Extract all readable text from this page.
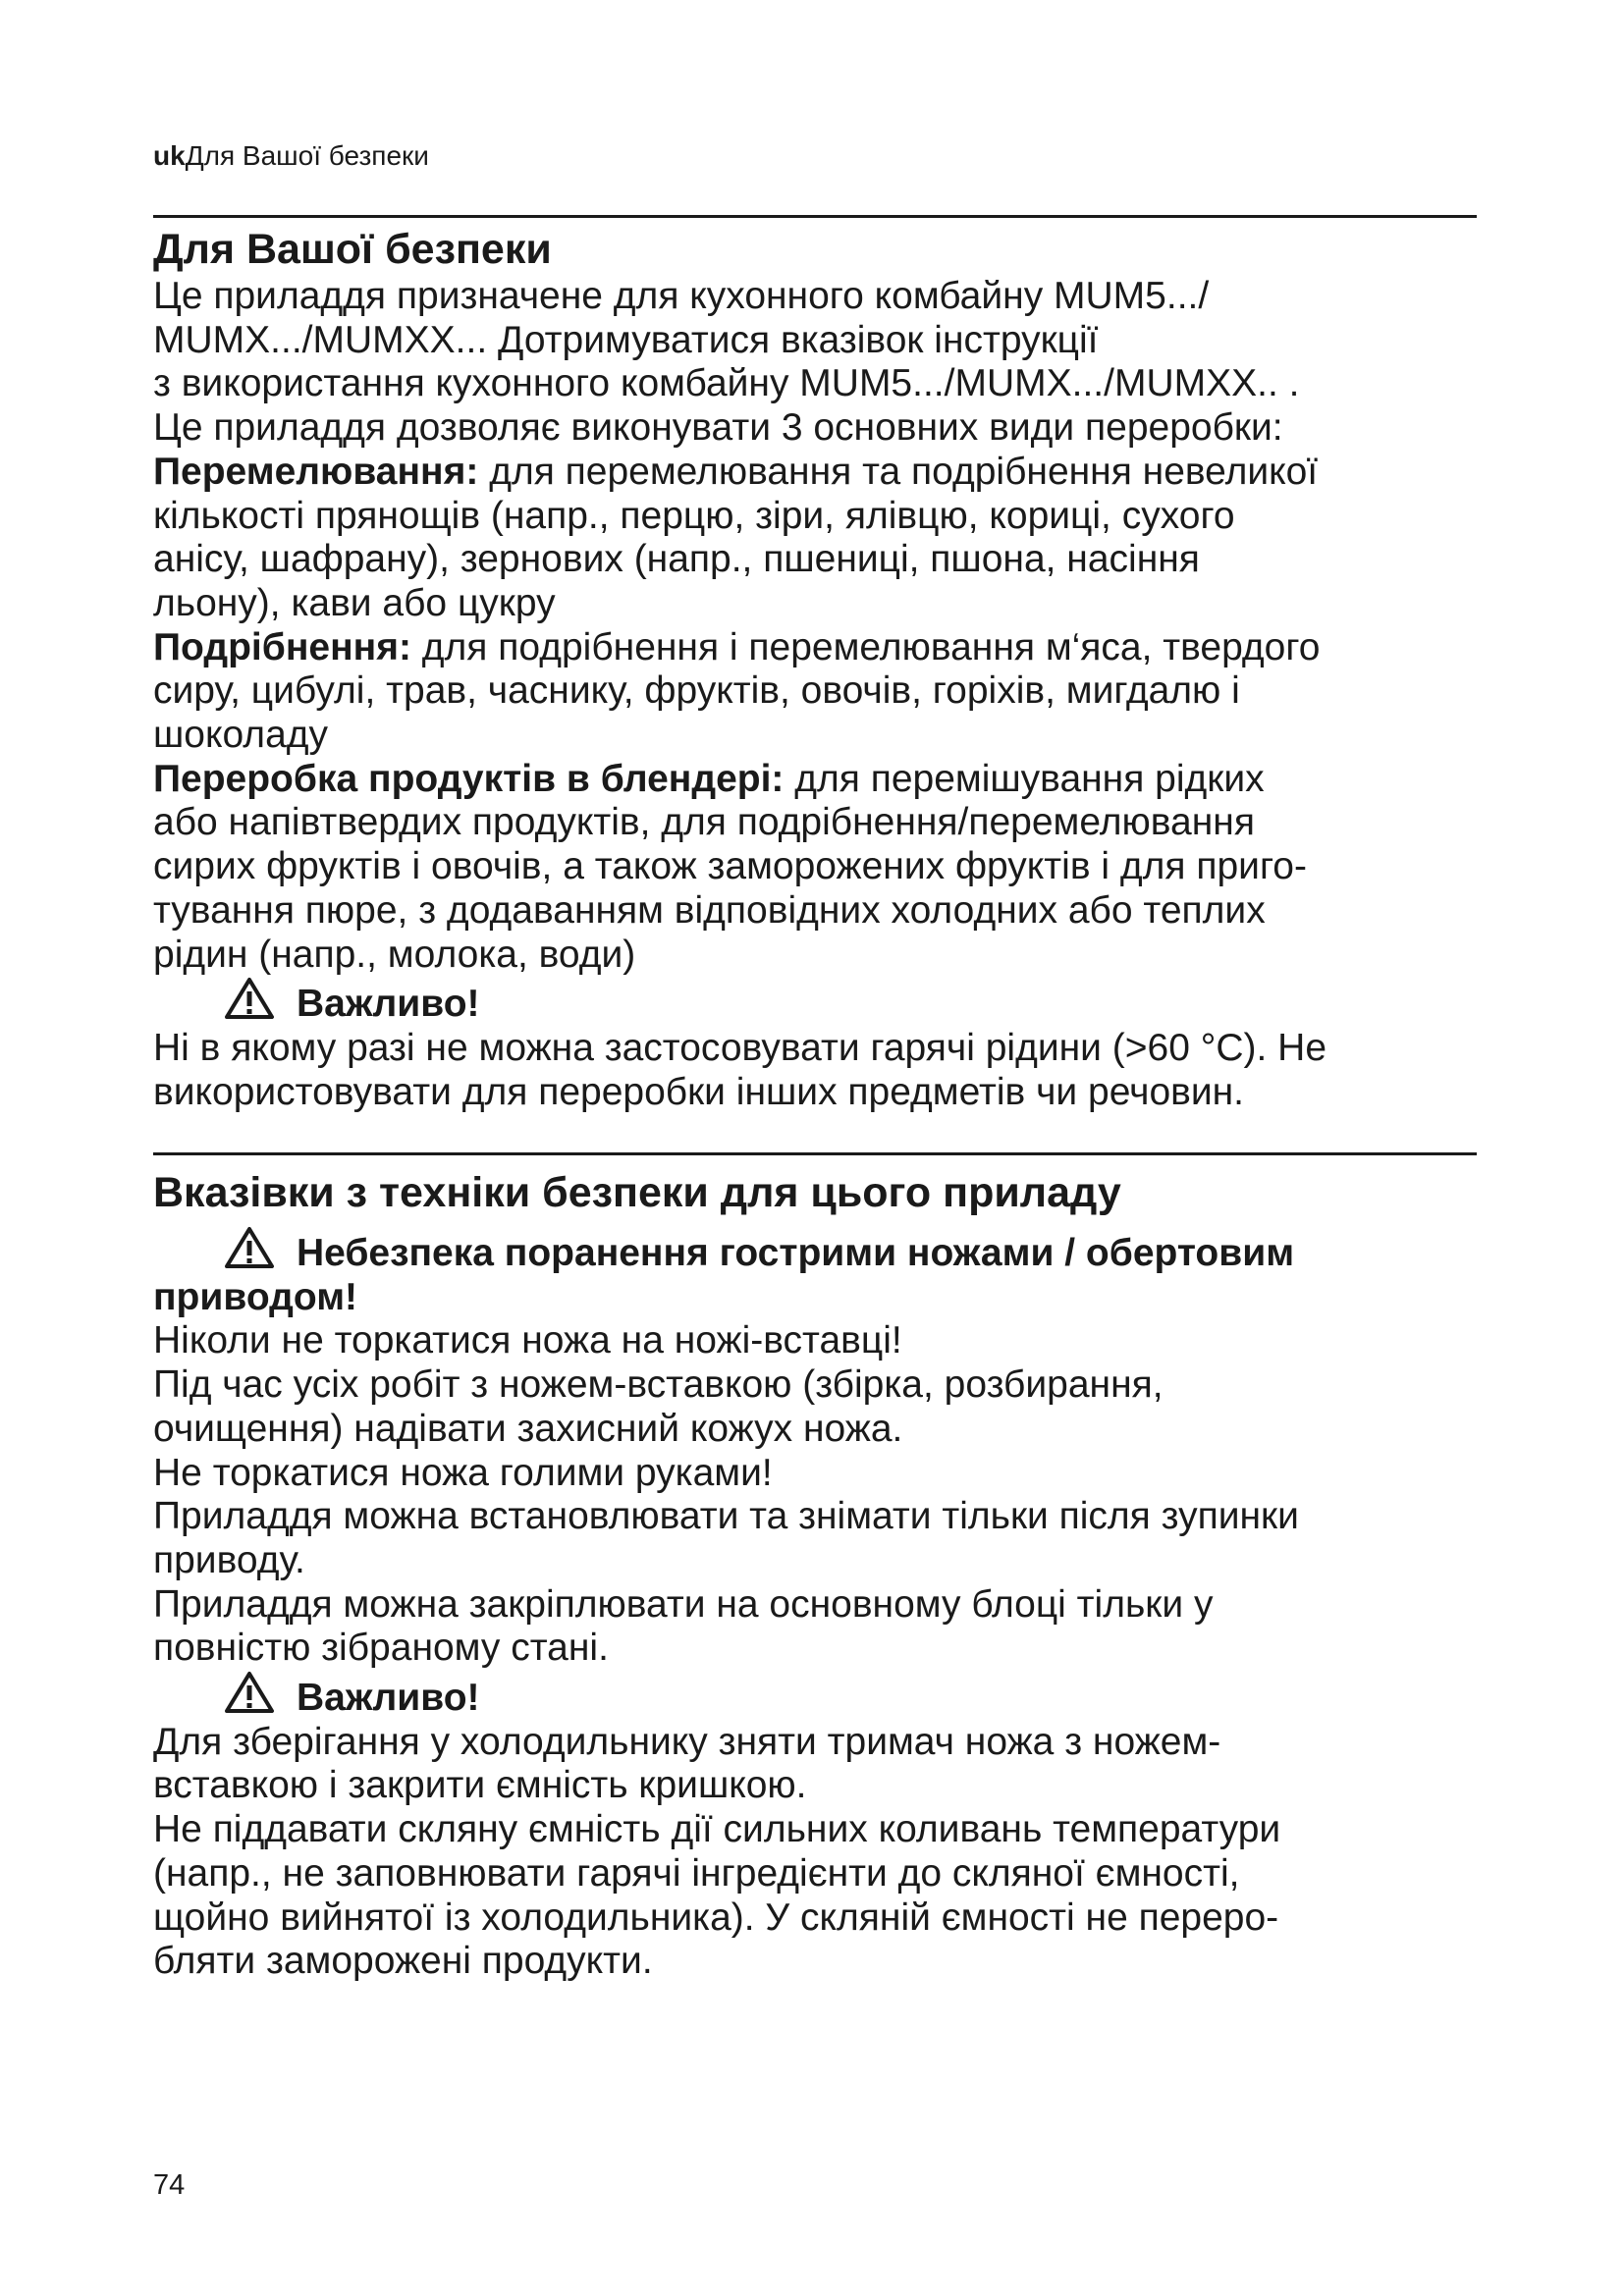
ukДля Вашої безпеки
Для Вашої безпеки
Це приладдя призначене для кухонного комбайну MUM5.../
MUMX.../MUMXX... Дотримуватися вказівок інструкції
з використання кухонного комбайну MUM5.../MUMX.../MUMXX.. .
Це приладдя дозволяє виконувати 3 основних види переробки:
Перемелювання: для перемелювання та подрібнення невеликої
кількості прянощів (напр., перцю, зіри, ялівцю, кориці, сухого
анісу, шафрану), зернових (напр., пшениці, пшона, насіння
льону), кави або цукру
Подрібнення: для подрібнення і перемелювання м‘яса, твердого
сиру, цибулі, трав, часнику, фруктів, овочів, горіхів, мигдалю і
шоколаду
Переробка продуктів в блендері: для перемішування рідких
або напівтвердих продуктів, для подрібнення/перемелювання
сирих фруктів і овочів, а також заморожених фруктів і для приго-
тування пюре, з додаванням відповідних холодних або теплих
рідин (напр., молока, води)
Важливо!
Ні в якому разі не можна застосовувати гарячі рідини (>60 °C). Не
використовувати для переробки інших предметів чи речовин.
Вказівки з техніки безпеки для цього приладу
Небезпека поранення гострими ножами / обертовим
приводом!
Ніколи не торкатися ножа на ножі-вставці!
Під час усіх робіт з ножем-вставкою (збірка, розбирання,
очищення) надівати захисний кожух ножа.
Не торкатися ножа голими руками!
Приладдя можна встановлювати та знімати тільки після зупинки
приводу.
Приладдя можна закріплювати на основному блоці тільки у
повністю зібраному стані.
Важливо!
Для зберігання у холодильнику зняти тримач ножа з ножем-
вставкою і закрити ємність кришкою.
Не піддавати скляну ємність дії сильних коливань температури
(напр., не заповнювати гарячі інгредієнти до скляної ємності,
щойно вийнятої із холодильника). У скляній ємності не переро-
бляти заморожені продукти.
74
